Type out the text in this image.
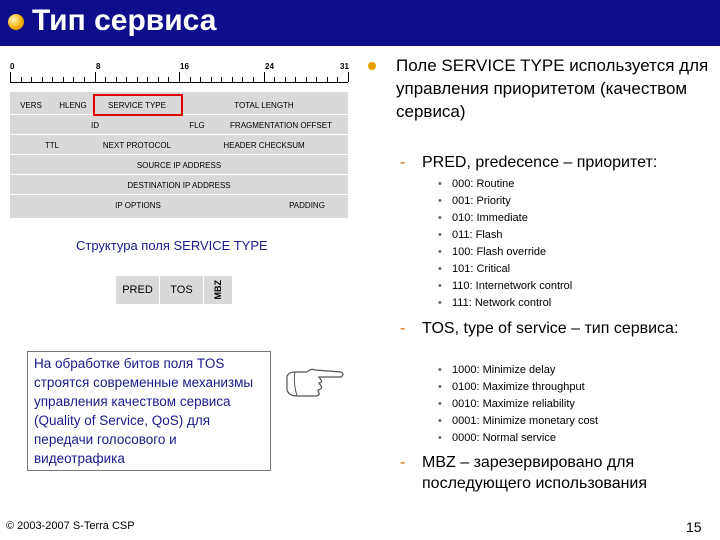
Тип сервиса
0	8	16	24	31
VERS	HLENG	SERVICE TYPE	TOTAL LENGTH
ID	FLG	FRAGMENTATION OFFSET
TTL	NEXT PROTOCOL	HEADER CHECKSUM
SOURCE IP ADDRESS
DESTINATION IP ADDRESS
IP OPTIONS	PADDING
Структура поля SERVICE TYPE
PRED	TOS	MBZ
На обработке битов поля TOS строятся современные механизмы управления качеством сервиса (Quality of Service, QoS) для передачи голосового и видеотрафика
© 2003-2007 S-Terra CSP	15
Поле SERVICE TYPE используется для управления приоритетом (качеством сервиса)
- PRED, predecence – приоритет:
• 000: Routine
• 001: Priority
• 010: Immediate
• 011: Flash
• 100: Flash override
• 101: Critical
• 110: Internetwork control
• 111: Network control
- TOS, type of service – тип сервиса:
• 1000: Minimize delay
• 0100: Maximize throughput
• 0010: Maximize reliability
• 0001: Minimize monetary cost
• 0000: Normal service
- MBZ – зарезервировано для последующего использования
